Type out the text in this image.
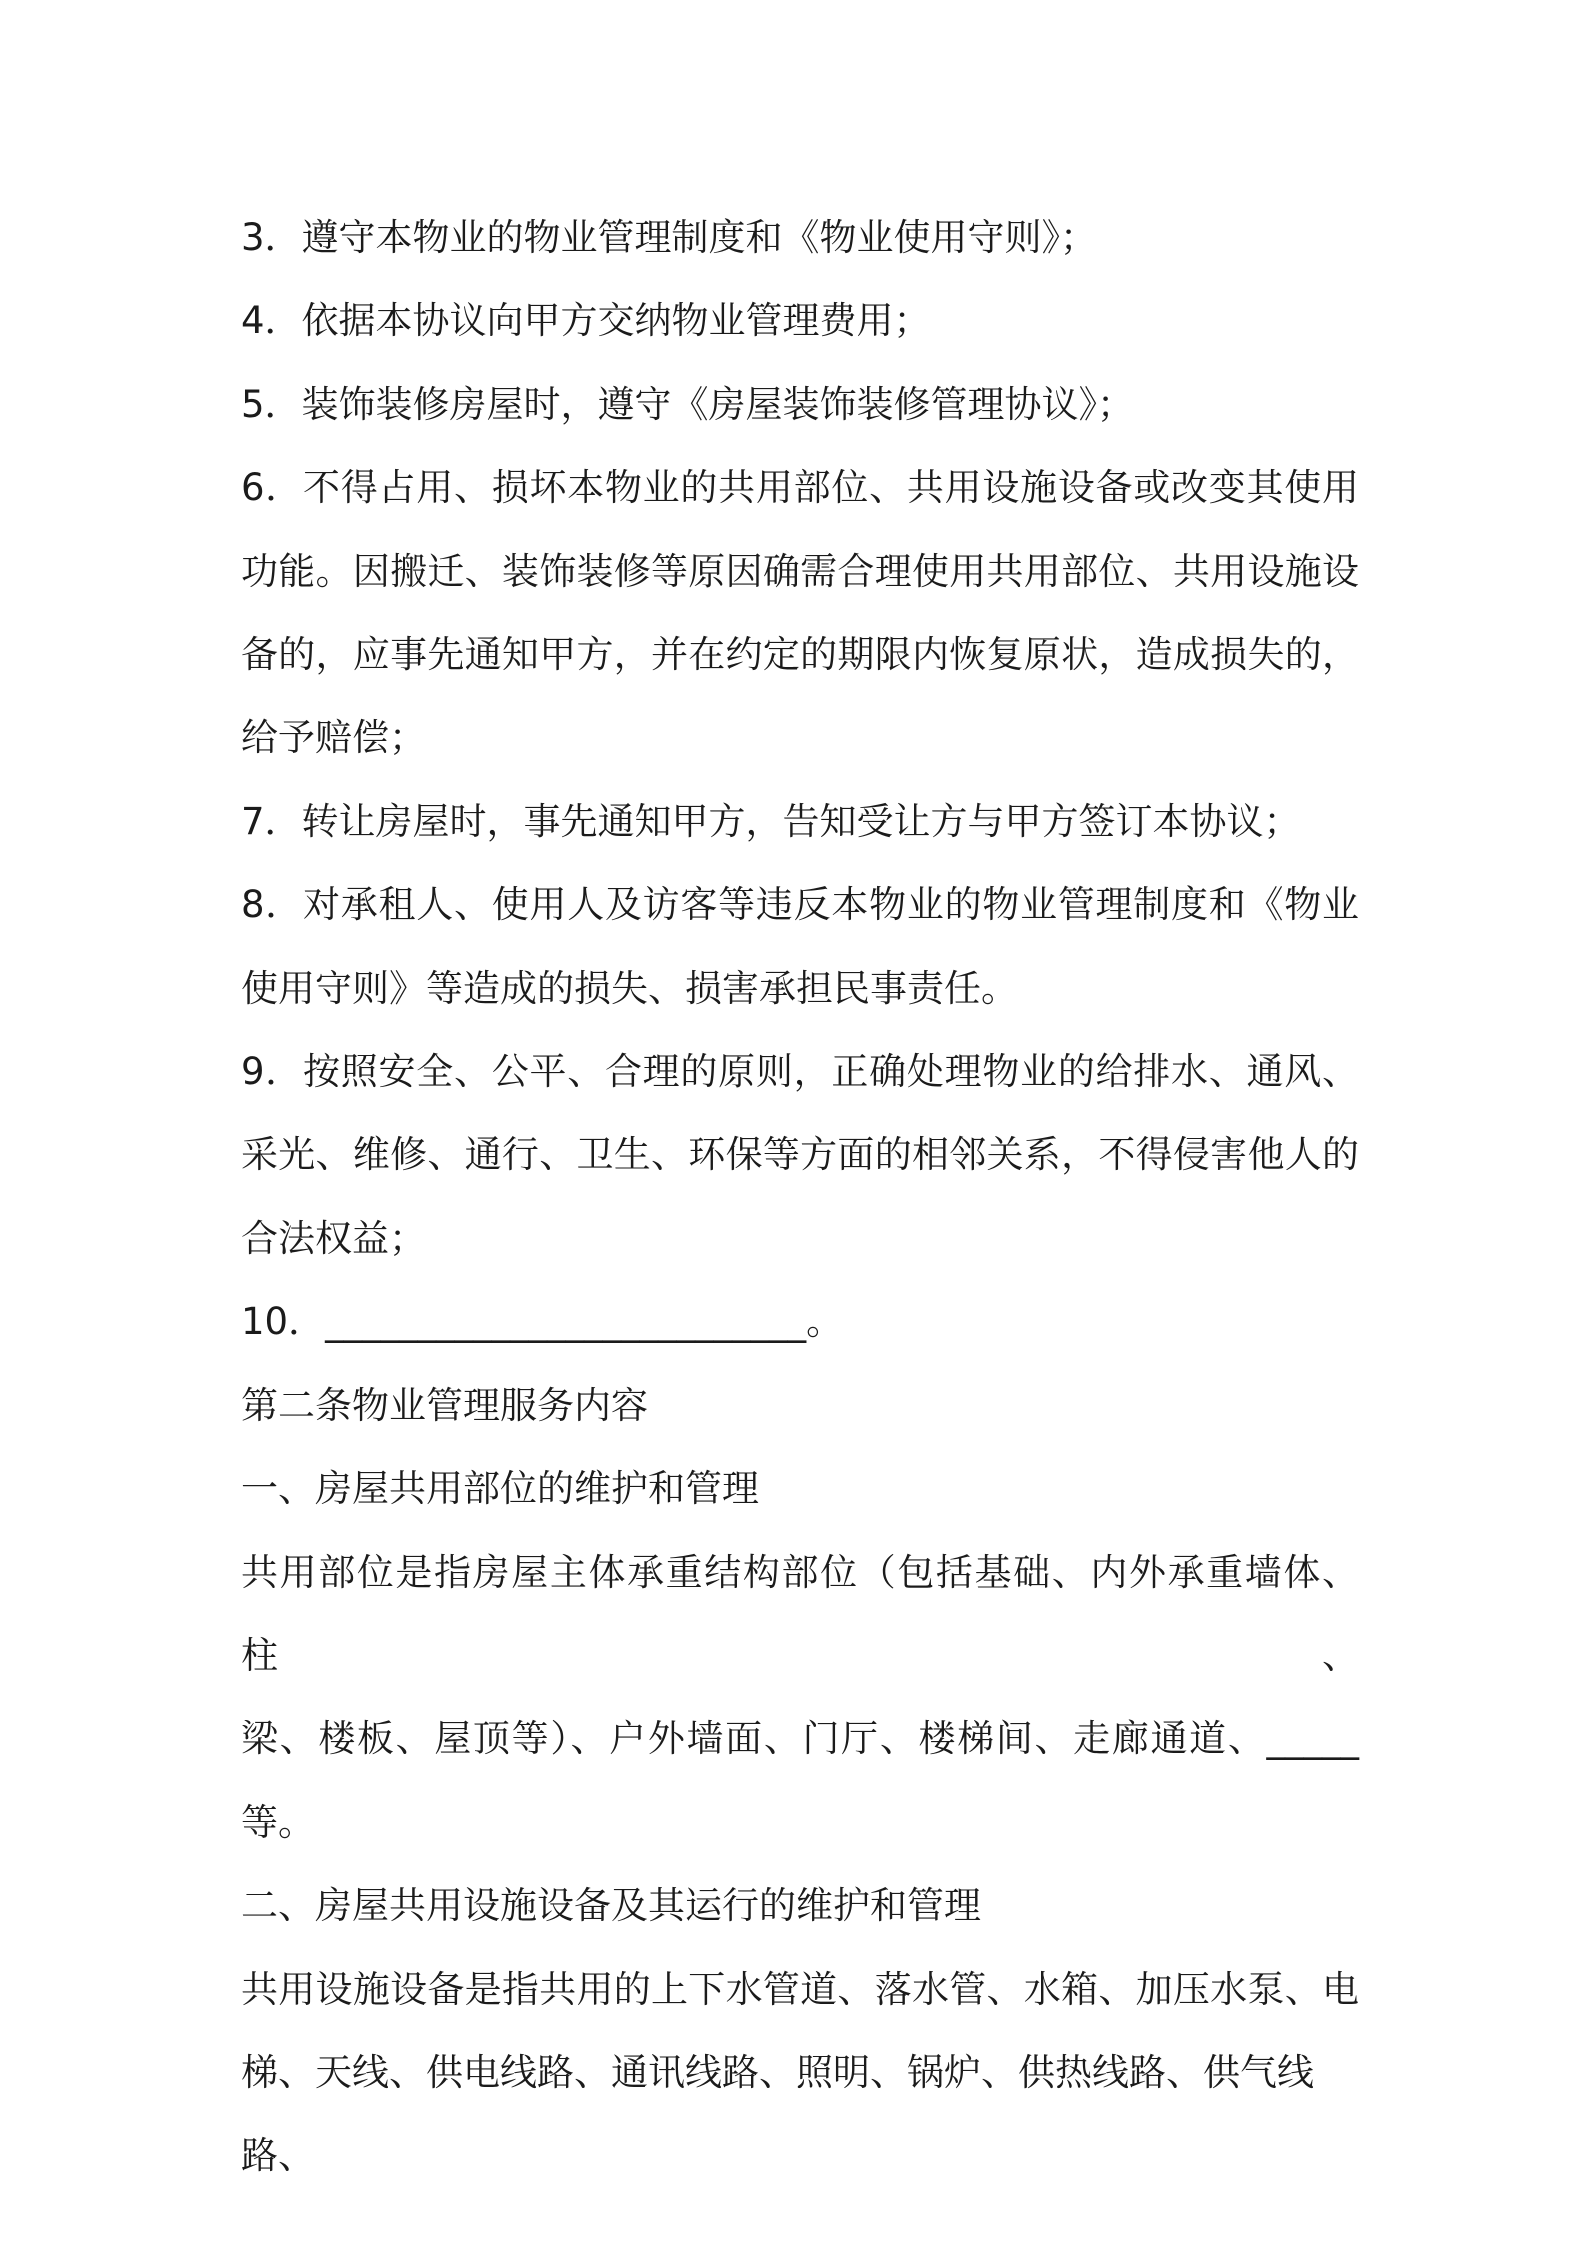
3．遵守本物业的物业管理制度和《物业使用守则》；

4．依据本协议向甲方交纳物业管理费用；

5．装饰装修房屋时，遵守《房屋装饰装修管理协议》；

6．不得占用、损坏本物业的共用部位、共用设施设备或改变其使用
功能。因搬迁、装饰装修等原因确需合理使用共用部位、共用设施设
备的，应事先通知甲方，并在约定的期限内恢复原状，造成损失的，
给予赔偿；

7．转让房屋时，事先通知甲方，告知受让方与甲方签订本协议；

8．对承租人、使用人及访客等违反本物业的物业管理制度和《物业
使用守则》等造成的损失、损害承担民事责任。

9．按照安全、公平、合理的原则，正确处理物业的给排水、通风、
采光、维修、通行、卫生、环保等方面的相邻关系，不得侵害他人的
合法权益；

10．__________________________。

第二条物业管理服务内容

一、房屋共用部位的维护和管理

共用部位是指房屋主体承重结构部位（包括基础、内外承重墙体、柱、
梁、楼板、屋顶等）、户外墙面、门厅、楼梯间、走廊通道、_____
等。

二、房屋共用设施设备及其运行的维护和管理

共用设施设备是指共用的上下水管道、落水管、水箱、加压水泵、电
梯、天线、供电线路、通讯线路、照明、锅炉、供热线路、供气线路、
